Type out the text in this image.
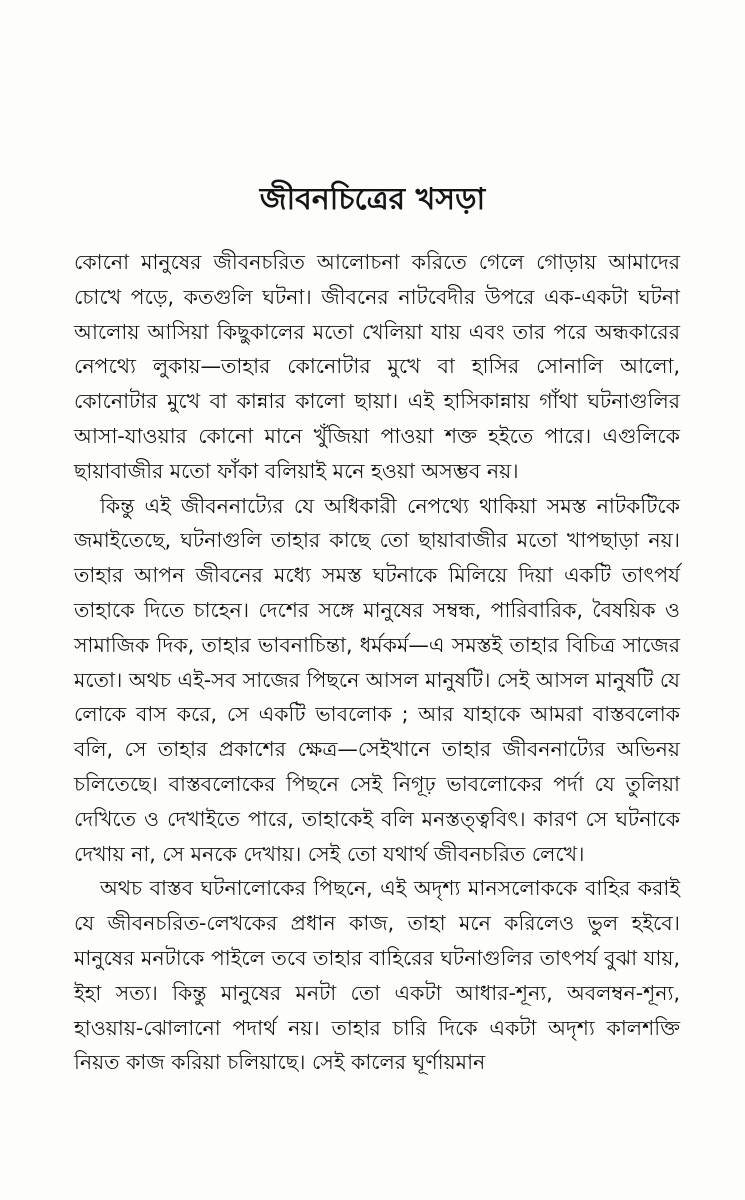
জীবনচিত্রের খসড়া

কোনো মানুষের জীবনচরিত আলোচনা করিতে গেলে গোড়ায় আমাদের চোখে পড়ে, কতগুলি ঘটনা। জীবনের নাটবেদীর উপরে এক-একটা ঘটনা আলোয় আসিয়া কিছুকালের মতো খেলিয়া যায় এবং তার পরে অন্ধকারের নেপথ্যে লুকায়—তাহার কোনোটার মুখে বা হাসির সোনালি আলো, কোনোটার মুখে বা কান্নার কালো ছায়া। এই হাসিকান্নায় গাঁথা ঘটনাগুলির আসা-যাওয়ার কোনো মানে খুঁজিয়া পাওয়া শক্ত হইতে পারে। এগুলিকে ছায়াবাজীর মতো ফাঁকা বলিয়াই মনে হওয়া অসম্ভব নয়।

কিন্তু এই জীবননাট্যের যে অধিকারী নেপথ্যে থাকিয়া সমস্ত নাটকটিকে জমাইতেছে, ঘটনাগুলি তাহার কাছে তো ছায়াবাজীর মতো খাপছাড়া নয়। তাহার আপন জীবনের মধ্যে সমস্ত ঘটনাকে মিলিয়ে দিয়া একটি তাৎপর্য তাহাকে দিতে চাহেন। দেশের সঙ্গে মানুষের সম্বন্ধ, পারিবারিক, বৈষয়িক ও সামাজিক দিক, তাহার ভাবনাচিন্তা, ধর্মকর্ম—এ সমস্তই তাহার বিচিত্র সাজের মতো। অথচ এই-সব সাজের পিছনে আসল মানুষটি। সেই আসল মানুষটি যে লোকে বাস করে, সে একটি ভাবলোক ; আর যাহাকে আমরা বাস্তবলোক বলি, সে তাহার প্রকাশের ক্ষেত্র—সেইখানে তাহার জীবননাট্যের অভিনয় চলিতেছে। বাস্তবলোকের পিছনে সেই নিগূঢ় ভাবলোকের পর্দা যে তুলিয়া দেখিতে ও দেখাইতে পারে, তাহাকেই বলি মনস্তত্ত্ববিৎ। কারণ সে ঘটনাকে দেখায় না, সে মনকে দেখায়। সেই তো যথার্থ জীবনচরিত লেখে।

অথচ বাস্তব ঘটনালোকের পিছনে, এই অদৃশ্য মানসলোককে বাহির করাই যে জীবনচরিত-লেখকের প্রধান কাজ, তাহা মনে করিলেও ভুল হইবে। মানুষের মনটাকে পাইলে তবে তাহার বাহিরের ঘটনাগুলির তাৎপর্য বুঝা যায়, ইহা সত্য। কিন্তু মানুষের মনটা তো একটা আধার-শূন্য, অবলম্বন-শূন্য, হাওয়ায়-ঝোলানো পদার্থ নয়। তাহার চারি দিকে একটা অদৃশ্য কালশক্তি নিয়ত কাজ করিয়া চলিয়াছে। সেই কালের ঘূর্ণায়মান
